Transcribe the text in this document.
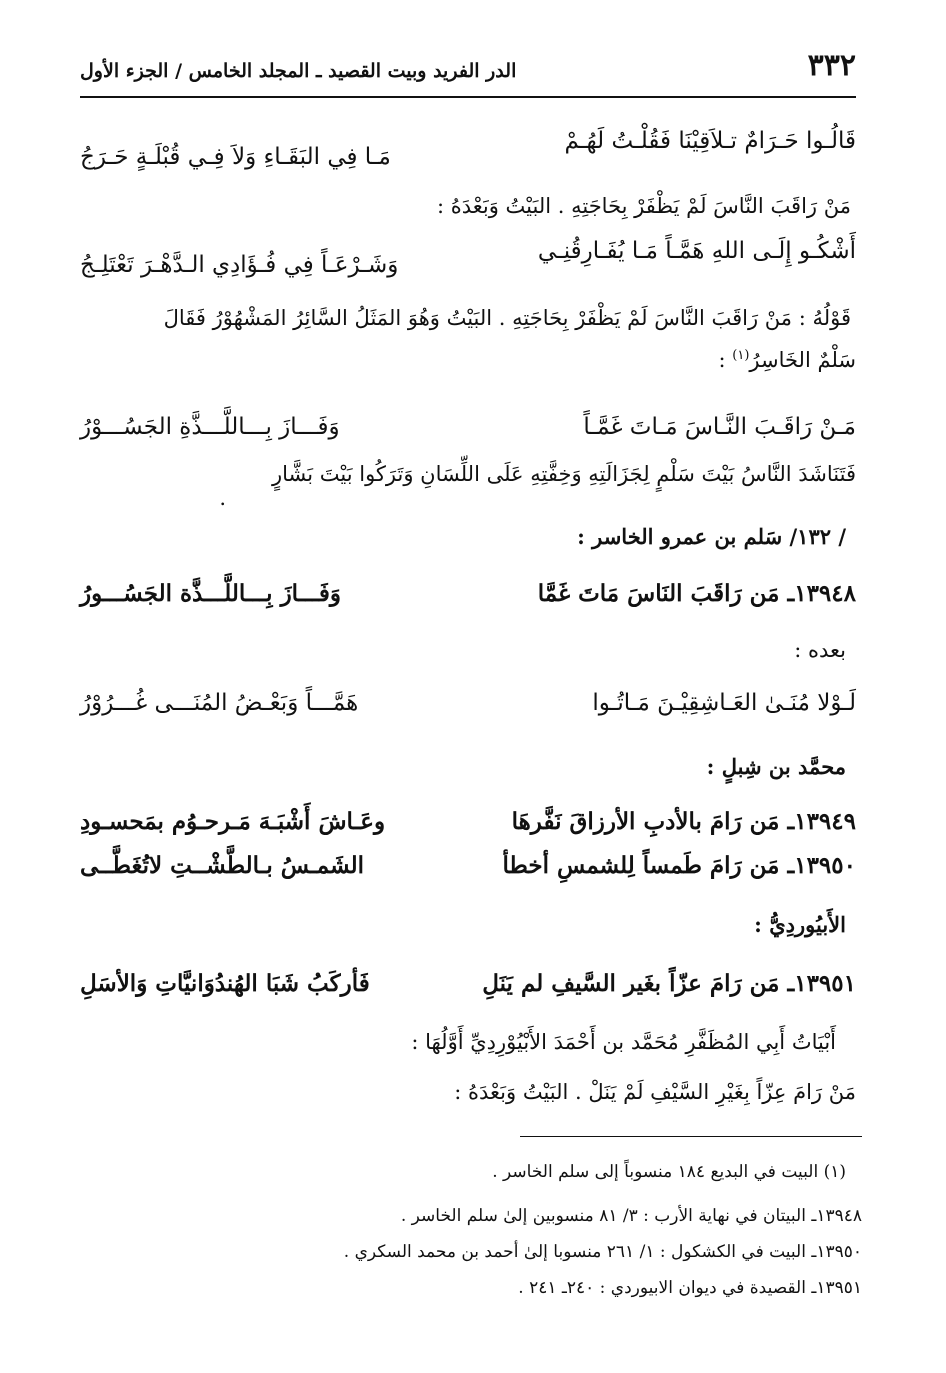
٣٣٢
الدر الفريد وبيت القصيد ـ المجلد الخامس / الجزء الأول
قَالُـوا حَـرَامٌ تـلاَقِيْنَا فَقُلْـتُ لَهُـمْ
مَـا فِي البَقَـاءِ وَلاَ فِـي قُبْلَـةٍ حَـرَجُ
مَنْ رَاقَبَ النَّاسَ لَمْ يَظْفَرْ بِحَاجَتِهِ . البَيْتُ وَبَعْدَهُ :
أَشْكُـو إِلَـى اللهِ هَمَّـاً مَـا يُفَـارِقُنِـي
وَشَـرْعَـاً فِي فُـؤَادِي الـدَّهْـرَ تَعْتَلِـجُ
قَوْلُهُ : مَنْ رَاقَبَ النَّاسَ لَمْ يَظْفَرْ بِحَاجَتِهِ . البَيْتُ وَهُوَ المَثَلُ السَّائِرُ المَشْهُوْرُ فَقَالَ
سَلْمٌ الخَاسِرُ$^{(١)}$ :
مَـنْ رَاقَـبَ النَّـاسَ مَـاتَ غَمَّـاً
وَفَـــازَ بِـــاللَّـــذَّةِ الجَسُـــوْرُ
فَتَنَاشَدَ النَّاسُ بَيْتَ سَلْمٍ لِجَزَالَتِهِ وَخِفَّتِهِ عَلَى اللِّسَانِ وَتَرَكُوا بَيْتَ بَشَّارٍ
.
/ ١٣٢/ سَلم بن عمرو الخاسر :
١٣٩٤٨ـ مَن رَاقَبَ النَاسَ مَاتَ غَمَّا
وَفَـــازَ بِـــاللَّـــذَّة الجَسُـــورُ
بعده :
لَـوْلا مُنَـىٰ العَـاشِقِيْـنَ مَـاتُـوا
هَمَّـــاً وَبَعْـضُ المُنَـــى غُـــرُوْرُ
محمَّد بن شِبلٍ :
١٣٩٤٩ـ مَن رَامَ بالأدبِ الأرزاقَ نَفَّرهَا
وعَـاشَ أَشْبَـهَ مَـرحـوُم بمَحسـودِ
١٣٩٥٠ـ مَن رَامَ طَمساً لِلشمسِ أخطأ
الشَمـسُ بـالطَّشْــتِ لاتُغَطَّــى
الأَبيُوردِيُّ :
١٣٩٥١ـ مَن رَامَ عزّاً بغَير السَّيفِ لم يَنَلِ
فَأركَبُ شَبَا الهُندُوَانيَّاتِ وَالأسَلِ
أَبْيَاتُ أَبِي المُظَفَّرِ مُحَمَّد بن أَحْمَدَ الأَبْيُوْرِدِيِّ أَوَّلُهَا :
مَنْ رَامَ عِزّاً بِغَيْرِ السَّيْفِ لَمْ يَنَلْ . البَيْتُ وَبَعْدَهُ :
(١) البيت في البديع ١٨٤ منسوباً إلى سلم الخاسر .
١٣٩٤٨ـ البيتان في نهاية الأرب : ٣/ ٨١ منسوبين إلىٰ سلم الخاسر .
١٣٩٥٠ـ البيت في الكشكول : ١/ ٢٦١ منسوبا إلىٰ أحمد بن محمد السكري .
١٣٩٥١ـ القصيدة في ديوان الابيوردي : ٢٤٠ـ ٢٤١ .
